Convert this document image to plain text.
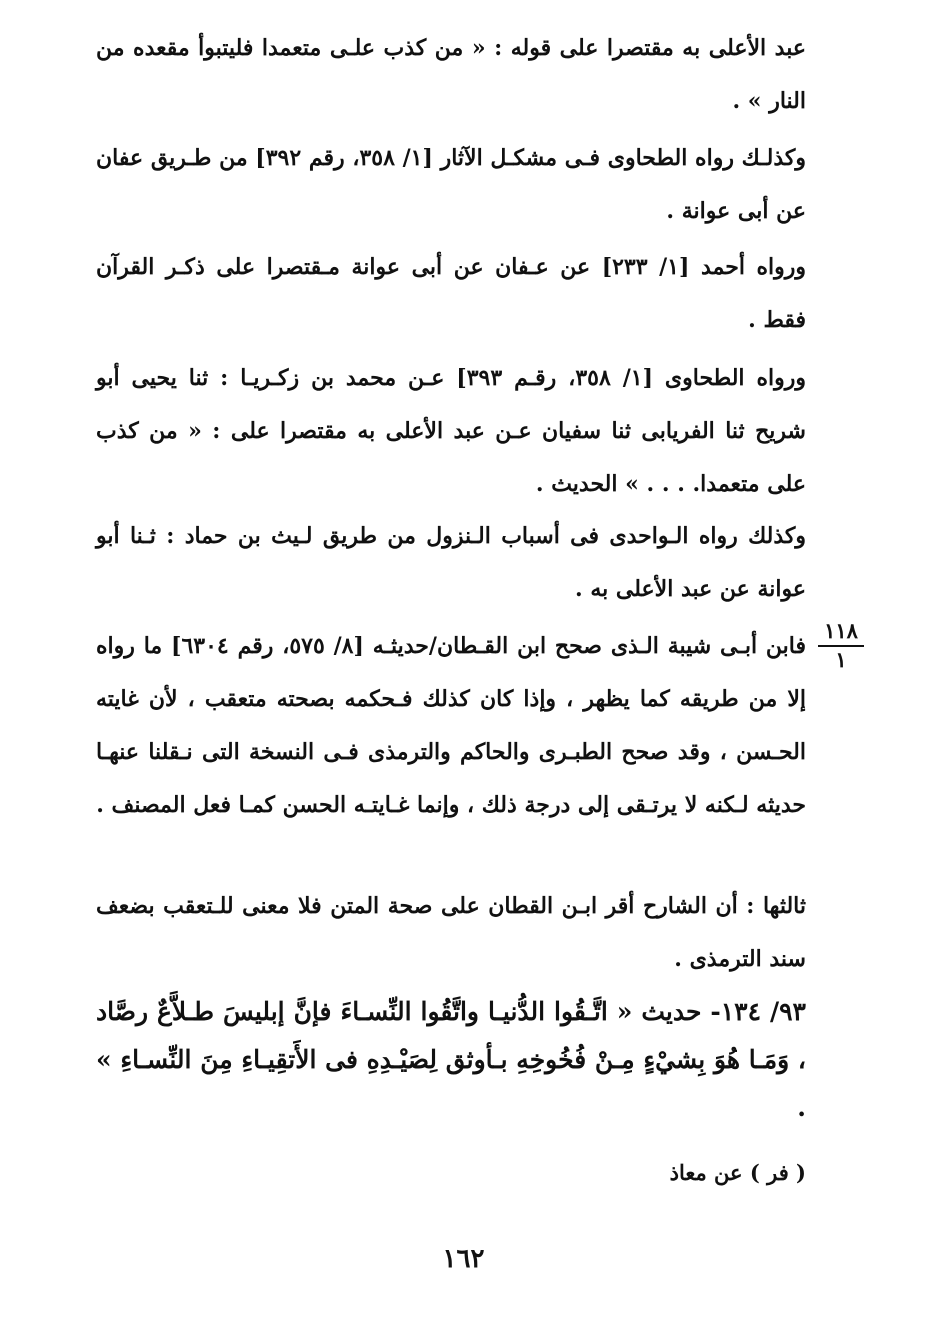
عبد الأعلى به مقتصرا على قوله : « من كذب علـى متعمدا فليتبوأ مقعده من النار » .

وكذلـك رواه الطحاوى فـى مشكـل الآثار [١/ ٣٥٨، رقم ٣٩٢] من طـريق عفان عن أبى عوانة .

ورواه أحمد [١/ ٢٣٣] عن عـفان عن أبى عوانة مـقتصرا على ذكـر القرآن فقط .

ورواه الطحاوى [١/ ٣٥٨، رقـم ٣٩٣] عـن محمد بن زكـريـا : ثنا يحيى أبو شريح ثنا الفريابى ثنا سفيان عـن عبد الأعلى به مقتصرا على : « من كذب على متعمدا. . . . » الحديث .

وكذلك رواه الـواحدى فى أسباب الـنزول من طريق لـيث بن حماد : ثـنا أبو عوانة عن عبد الأعلى به .

١١٨
١

فابن أبـى شيبة الـذى صحح ابن القـطان/حديثـه [٨/ ٥٧٥، رقم ٦٣٠٤] ما رواه إلا من طريقه كما يظهر ، وإذا كان كذلك فـحكمه بصحته متعقب ، لأن غايته الحـسن ، وقد صحح الطبـرى والحاكم والترمذى فـى النسخة التى نـقلنا عنهـا حديثه لـكنه لا يرتـقى إلى درجة ذلك ، وإنما غـايتـه الحسن كمـا فعل المصنف .

ثالثها : أن الشارح أقر ابـن القطان على صحة المتن فلا معنى للـتعقب بضعف سند الترمذى .

٩٣/ ١٣٤- حديث « اتَّـقُوا الدُّنيـا واتَّقُوا النِّسـاءَ فإنَّ إبليسَ طـلاَّعٌ رصَّاد ، وَمَـا هُوَ بِشيْءٍ مِـنْ فُخُوخِهِ بـأوثق لِصَيْـدِهِ فى الأَتقِيـاءِ مِنَ النِّسـاءِ » .

( فر ) عن معاذ

١٦٢
